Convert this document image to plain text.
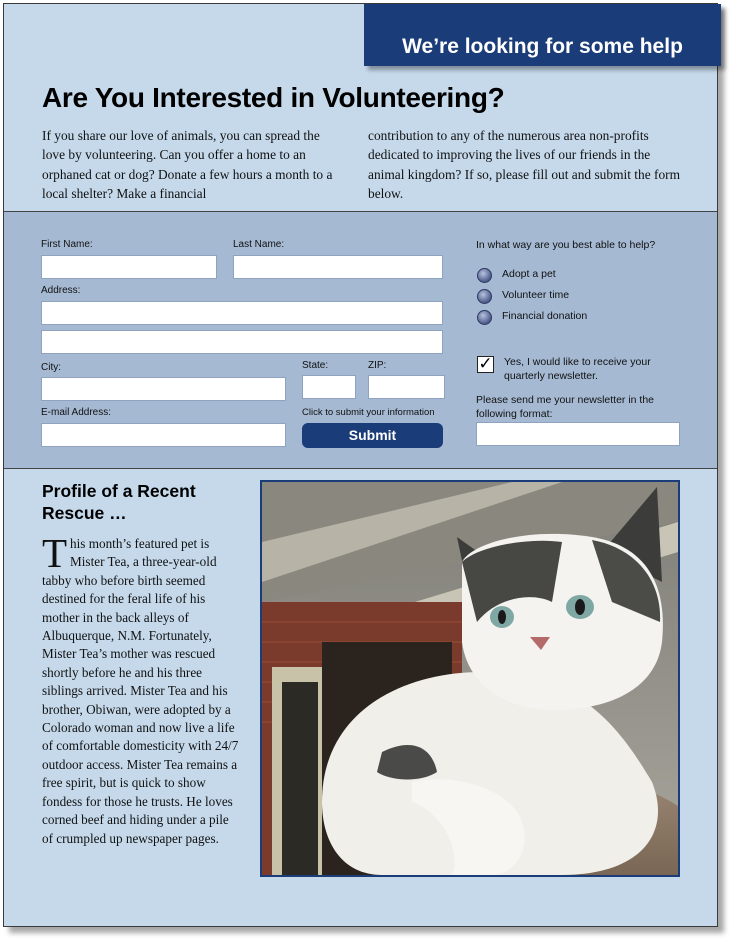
We’re looking for some help
Are You Interested in Volunteering?

If you share our love of animals, you can spread the love by volunteering. Can you offer a home to an orphaned cat or dog? Donate a few hours a month to a local shelter? Make a financial

contribution to any of the numerous area non-profits dedicated to improving the lives of our friends in the animal kingdom? If so, please fill out and submit the form below.

First Name:	Last Name:
Address:
City:	State:	ZIP:
E-mail Address:	Click to submit your information
Submit
In what way are you best able to help?
Adopt a pet
Volunteer time
Financial donation
✓ Yes, I would like to receive your quarterly newsletter.
Please send me your newsletter in the following format:
Profile of a Recent Rescue …

This month’s featured pet is Mister Tea, a three-year-old tabby who before birth seemed destined for the feral life of his mother in the back alleys of Albuquerque, N.M. Fortunately, Mister Tea’s mother was rescued shortly before he and his three siblings arrived. Mister Tea and his brother, Obiwan, were adopted by a Colorado woman and now live a life of comfortable domesticity with 24/7 outdoor access. Mister Tea remains a free spirit, but is quick to show fondess for those he trusts. He loves corned beef and hiding under a pile of crumpled up newspaper pages.
